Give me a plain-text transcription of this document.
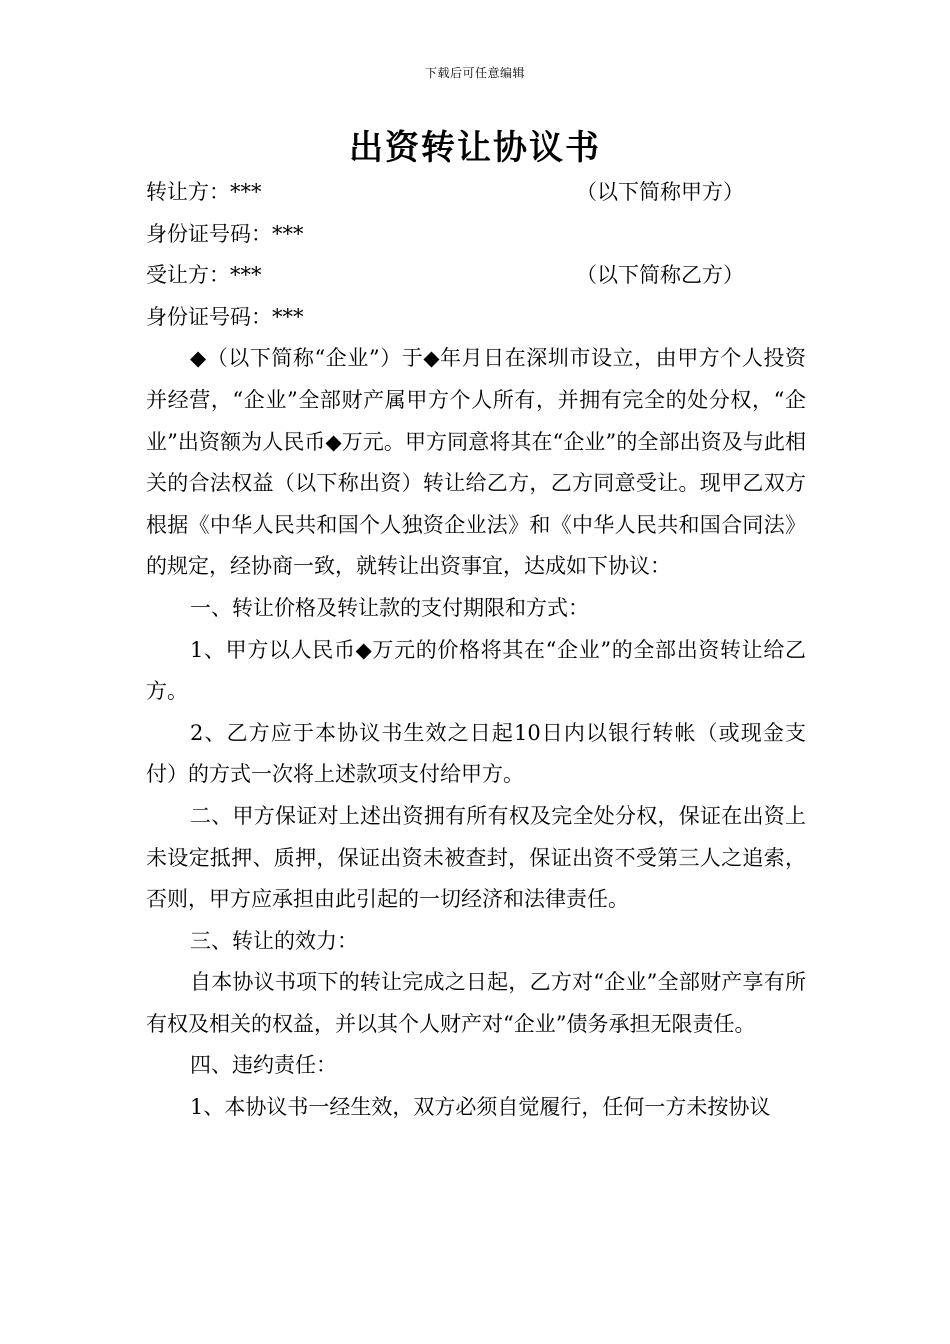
下载后可任意编辑
出资转让协议书
转让方：***	（以下简称甲方）
身份证号码：***
受让方：***	（以下简称乙方）
身份证号码：***

◆（以下简称“企业”）于◆年月日在深圳市设立，由甲方个人投资并经营，“企业”全部财产属甲方个人所有，并拥有完全的处分权，“企业”出资额为人民币◆万元。甲方同意将其在“企业”的全部出资及与此相关的合法权益（以下称出资）转让给乙方，乙方同意受让。现甲乙双方根据《中华人民共和国个人独资企业法》和《中华人民共和国合同法》的规定，经协商一致，就转让出资事宜，达成如下协议：

一、转让价格及转让款的支付期限和方式：

1、甲方以人民币◆万元的价格将其在“企业”的全部出资转让给乙方。

2、乙方应于本协议书生效之日起10日内以银行转帐（或现金支付）的方式一次将上述款项支付给甲方。

二、甲方保证对上述出资拥有所有权及完全处分权，保证在出资上未设定抵押、质押，保证出资未被查封，保证出资不受第三人之追索，否则，甲方应承担由此引起的一切经济和法律责任。

三、转让的效力：

自本协议书项下的转让完成之日起，乙方对“企业”全部财产享有所有权及相关的权益，并以其个人财产对“企业”债务承担无限责任。

四、违约责任：

1、本协议书一经生效，双方必须自觉履行，任何一方未按协议
